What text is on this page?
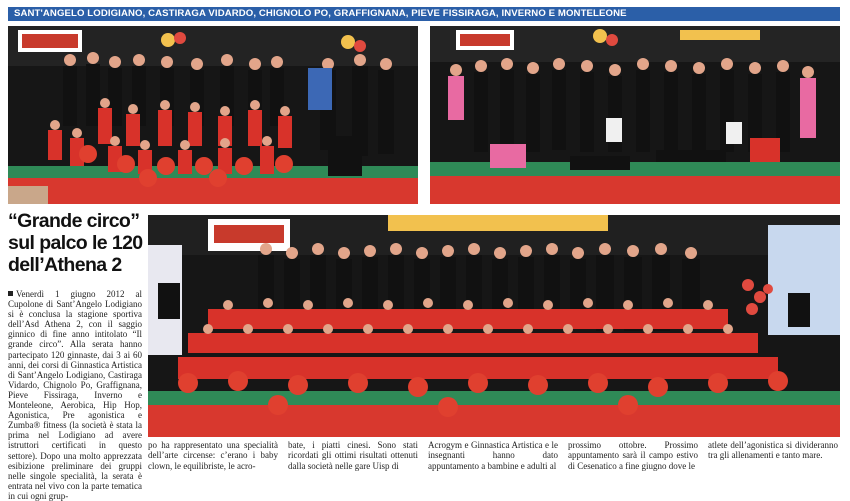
SANT'ANGELO LODIGIANO, CASTIRAGA VIDARDO, CHIGNOLO PO, GRAFFIGNANA, PIEVE FISSIRAGA, INVERNO E MONTELEONE
“Grande circo”
sul palco le 120
dell’Athena 2
Venerdì 1 giugno 2012 al Cupolone di Sant’Angelo Lodigiano si è conclusa la stagione sportiva dell’Asd Athena 2, con il saggio ginnico di fine anno intitolato “Il grande circo”. Alla serata hanno partecipato 120 ginnaste, dai 3 ai 60 anni, dei corsi di Ginnastica Artistica di Sant’Angelo Lodigiano, Castiraga Vidardo, Chignolo Po, Graffignana, Pieve Fissiraga, Inverno e Monteleone, Aerobica, Hip Hop, Agonistica, Pre agonistica e Zumba® fitness (la società è stata la prima nel Lodigiano ad avere istruttori certificati in questo settore). Dopo una molto apprezzata esibizione preliminare dei gruppi nelle singole specialità, la serata è entrata nel vivo con la parte tematica in cui ogni grup-
po ha rappresentato una specialità dell’arte circense: c’erano i baby clown, le equilibriste, le acro-
bate, i piatti cinesi. Sono stati ricordati gli ottimi risultati ottenuti dalla società nelle gare Uisp di
Acrogym e Ginnastica Artistica e le insegnanti hanno dato appuntamento a bambine e adulti al
prossimo ottobre. Prossimo appuntamento sarà il campo estivo di Cesenatico a fine giugno dove le
atlete dell’agonistica si divideranno tra gli allenamenti e tanto mare.
